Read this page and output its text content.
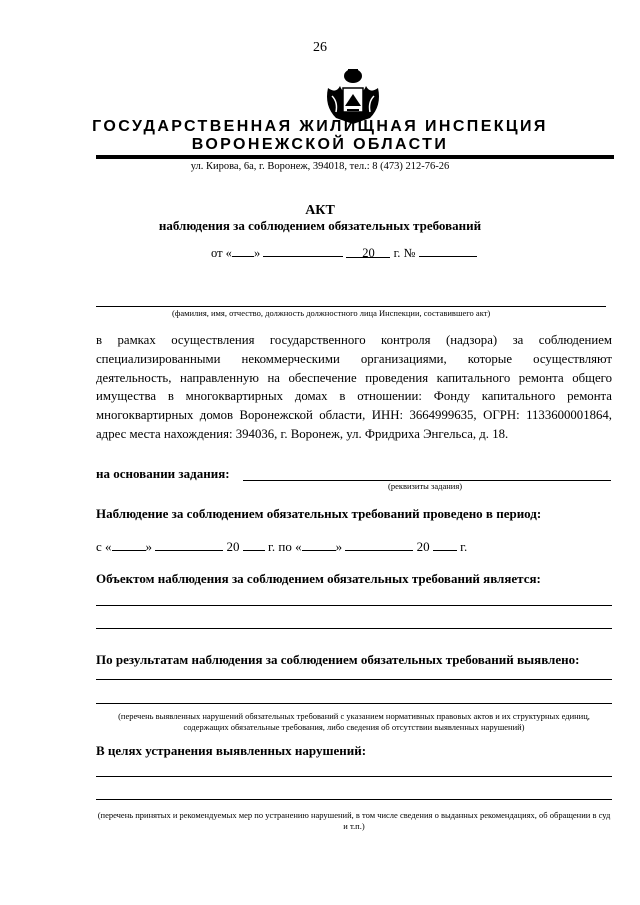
26
ГОСУДАРСТВЕННАЯ ЖИЛИЩНАЯ ИНСПЕКЦИЯ
ВОРОНЕЖСКОЙ ОБЛАСТИ
ул. Кирова, 6а, г. Воронеж, 394018, тел.: 8 (473) 212-76-26
АКТ
наблюдения за соблюдением обязательных требований
от « »	20 г. №
(фамилия, имя, отчество, должность должностного лица Инспекции, составившего акт)
в рамках осуществления государственного контроля (надзора) за соблюдением специализированными некоммерческими организациями, которые осуществляют деятельность, направленную на обеспечение проведения капитального ремонта общего имущества в многоквартирных домах в отношении: Фонду капитального ремонта многоквартирных домов Воронежской области, ИНН: 3664999635, ОГРН: 1133600001864, адрес места нахождения: 394036, г. Воронеж, ул. Фридриха Энгельса, д. 18.
на основании задания:
(реквизиты задания)
Наблюдение за соблюдением обязательных требований проведено в период:
с «	»	20 г. по «	»	20 г.
Объектом наблюдения за соблюдением обязательных требований является:
По результатам наблюдения за соблюдением обязательных требований выявлено:
(перечень выявленных нарушений обязательных требований с указанием нормативных правовых актов и их структурных единиц, содержащих обязательные требования, либо сведения об отсутствии выявленных нарушений)
В целях устранения выявленных нарушений:
(перечень принятых и рекомендуемых мер по устранению нарушений, в том числе сведения о выданных рекомендациях, об обращении в суд и т.п.)
